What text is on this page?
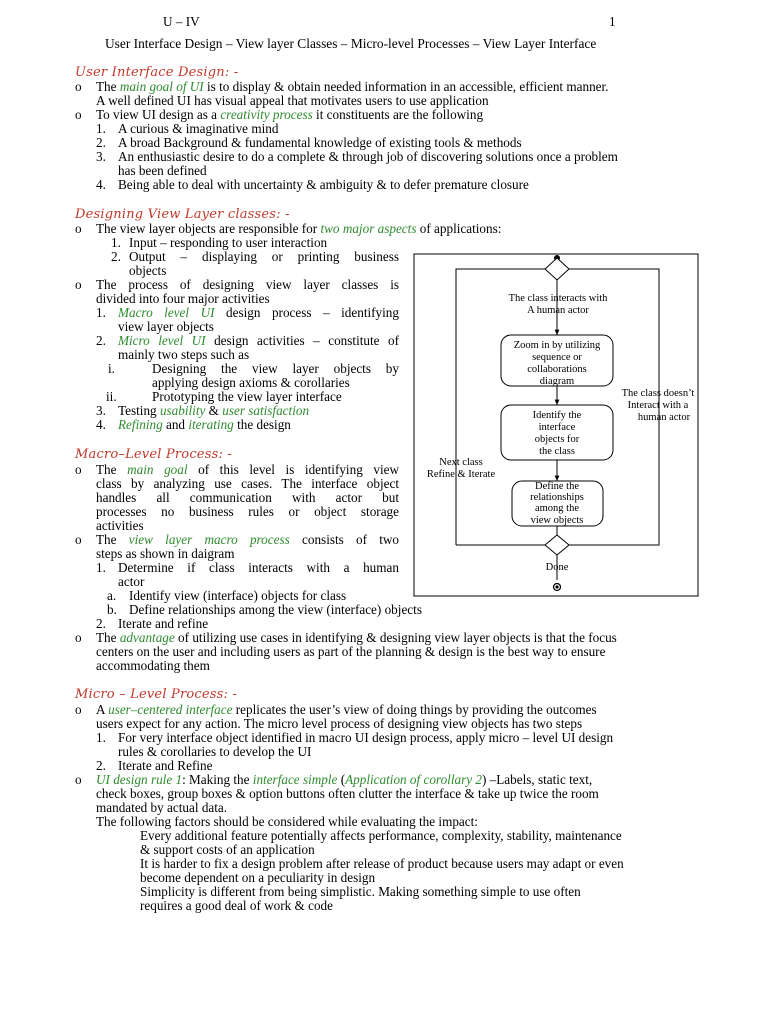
U – IV	1
User Interface Design – View layer Classes – Micro-level Processes – View Layer Interface
User Interface Design: -
o
The main goal of UI is to display & obtain needed information in an accessible, efficient manner.
A well defined UI has visual appeal that motivates users to use application
o
To view UI design as a creativity process it constituents are the following
1. A curious & imaginative mind
2. A broad Background & fundamental knowledge of existing tools & methods
3. An enthusiastic desire to do a complete & through job of discovering solutions once a problem
has been defined
4. Being able to deal with uncertainty & ambiguity & to defer premature closure
Designing View Layer classes: -
o
The view layer objects are responsible for two major aspects of applications:
1. Input – responding to user interaction
2. Output – displaying or printing business
objects
o
The process of designing view layer classes is
divided into four major activities
1. Macro level UI design process – identifying
view layer objects
2. Micro level UI design activities – constitute of
mainly two steps such as
i.	Designing the view layer objects by
applying design axioms & corollaries
ii.	Prototyping the view layer interface
3. Testing usability & user satisfaction
4. Refining and iterating the design
Macro–Level Process: -
o
The main goal of this level is identifying view
class by analyzing use cases. The interface object
handles all communication with actor but
processes no business rules or object storage
activities
o
The view layer macro process consists of two
steps as shown in daigram
1. Determine if class interacts with a human
actor
a. Identify view (interface) objects for class
b. Define relationships among the view (interface) objects
2. Iterate and refine
o
The advantage of utilizing use cases in identifying & designing view layer objects is that the focus
centers on the user and including users as part of the planning & design is the best way to ensure
accommodating them
Micro – Level Process: -
o
A user–centered interface replicates the user’s view of doing things by providing the outcomes
users expect for any action. The micro level process of designing view objects has two steps
1. For very interface object identified in macro UI design process, apply micro – level UI design
rules & corollaries to develop the UI
2. Iterate and Refine
o
UI design rule 1: Making the interface simple (Application of corollary 2) –Labels, static text,
check boxes, group boxes & option buttons often clutter the interface & take up twice the room
mandated by actual data.
The following factors should be considered while evaluating the impact:
Every additional feature potentially affects performance, complexity, stability, maintenance
& support costs of an application
It is harder to fix a design problem after release of product because users may adapt or even
become dependent on a peculiarity in design
Simplicity is different from being simplistic. Making something simple to use often
requires a good deal of work & code
The class interacts with
A human actor
Zoom in by utilizing
sequence or
collaborations
diagram
Identify the
interface
objects for
the class
Define the
relationships
among the
view objects
The class doesn’t
Interact with a
human actor
Next class
Refine & Iterate
Done
